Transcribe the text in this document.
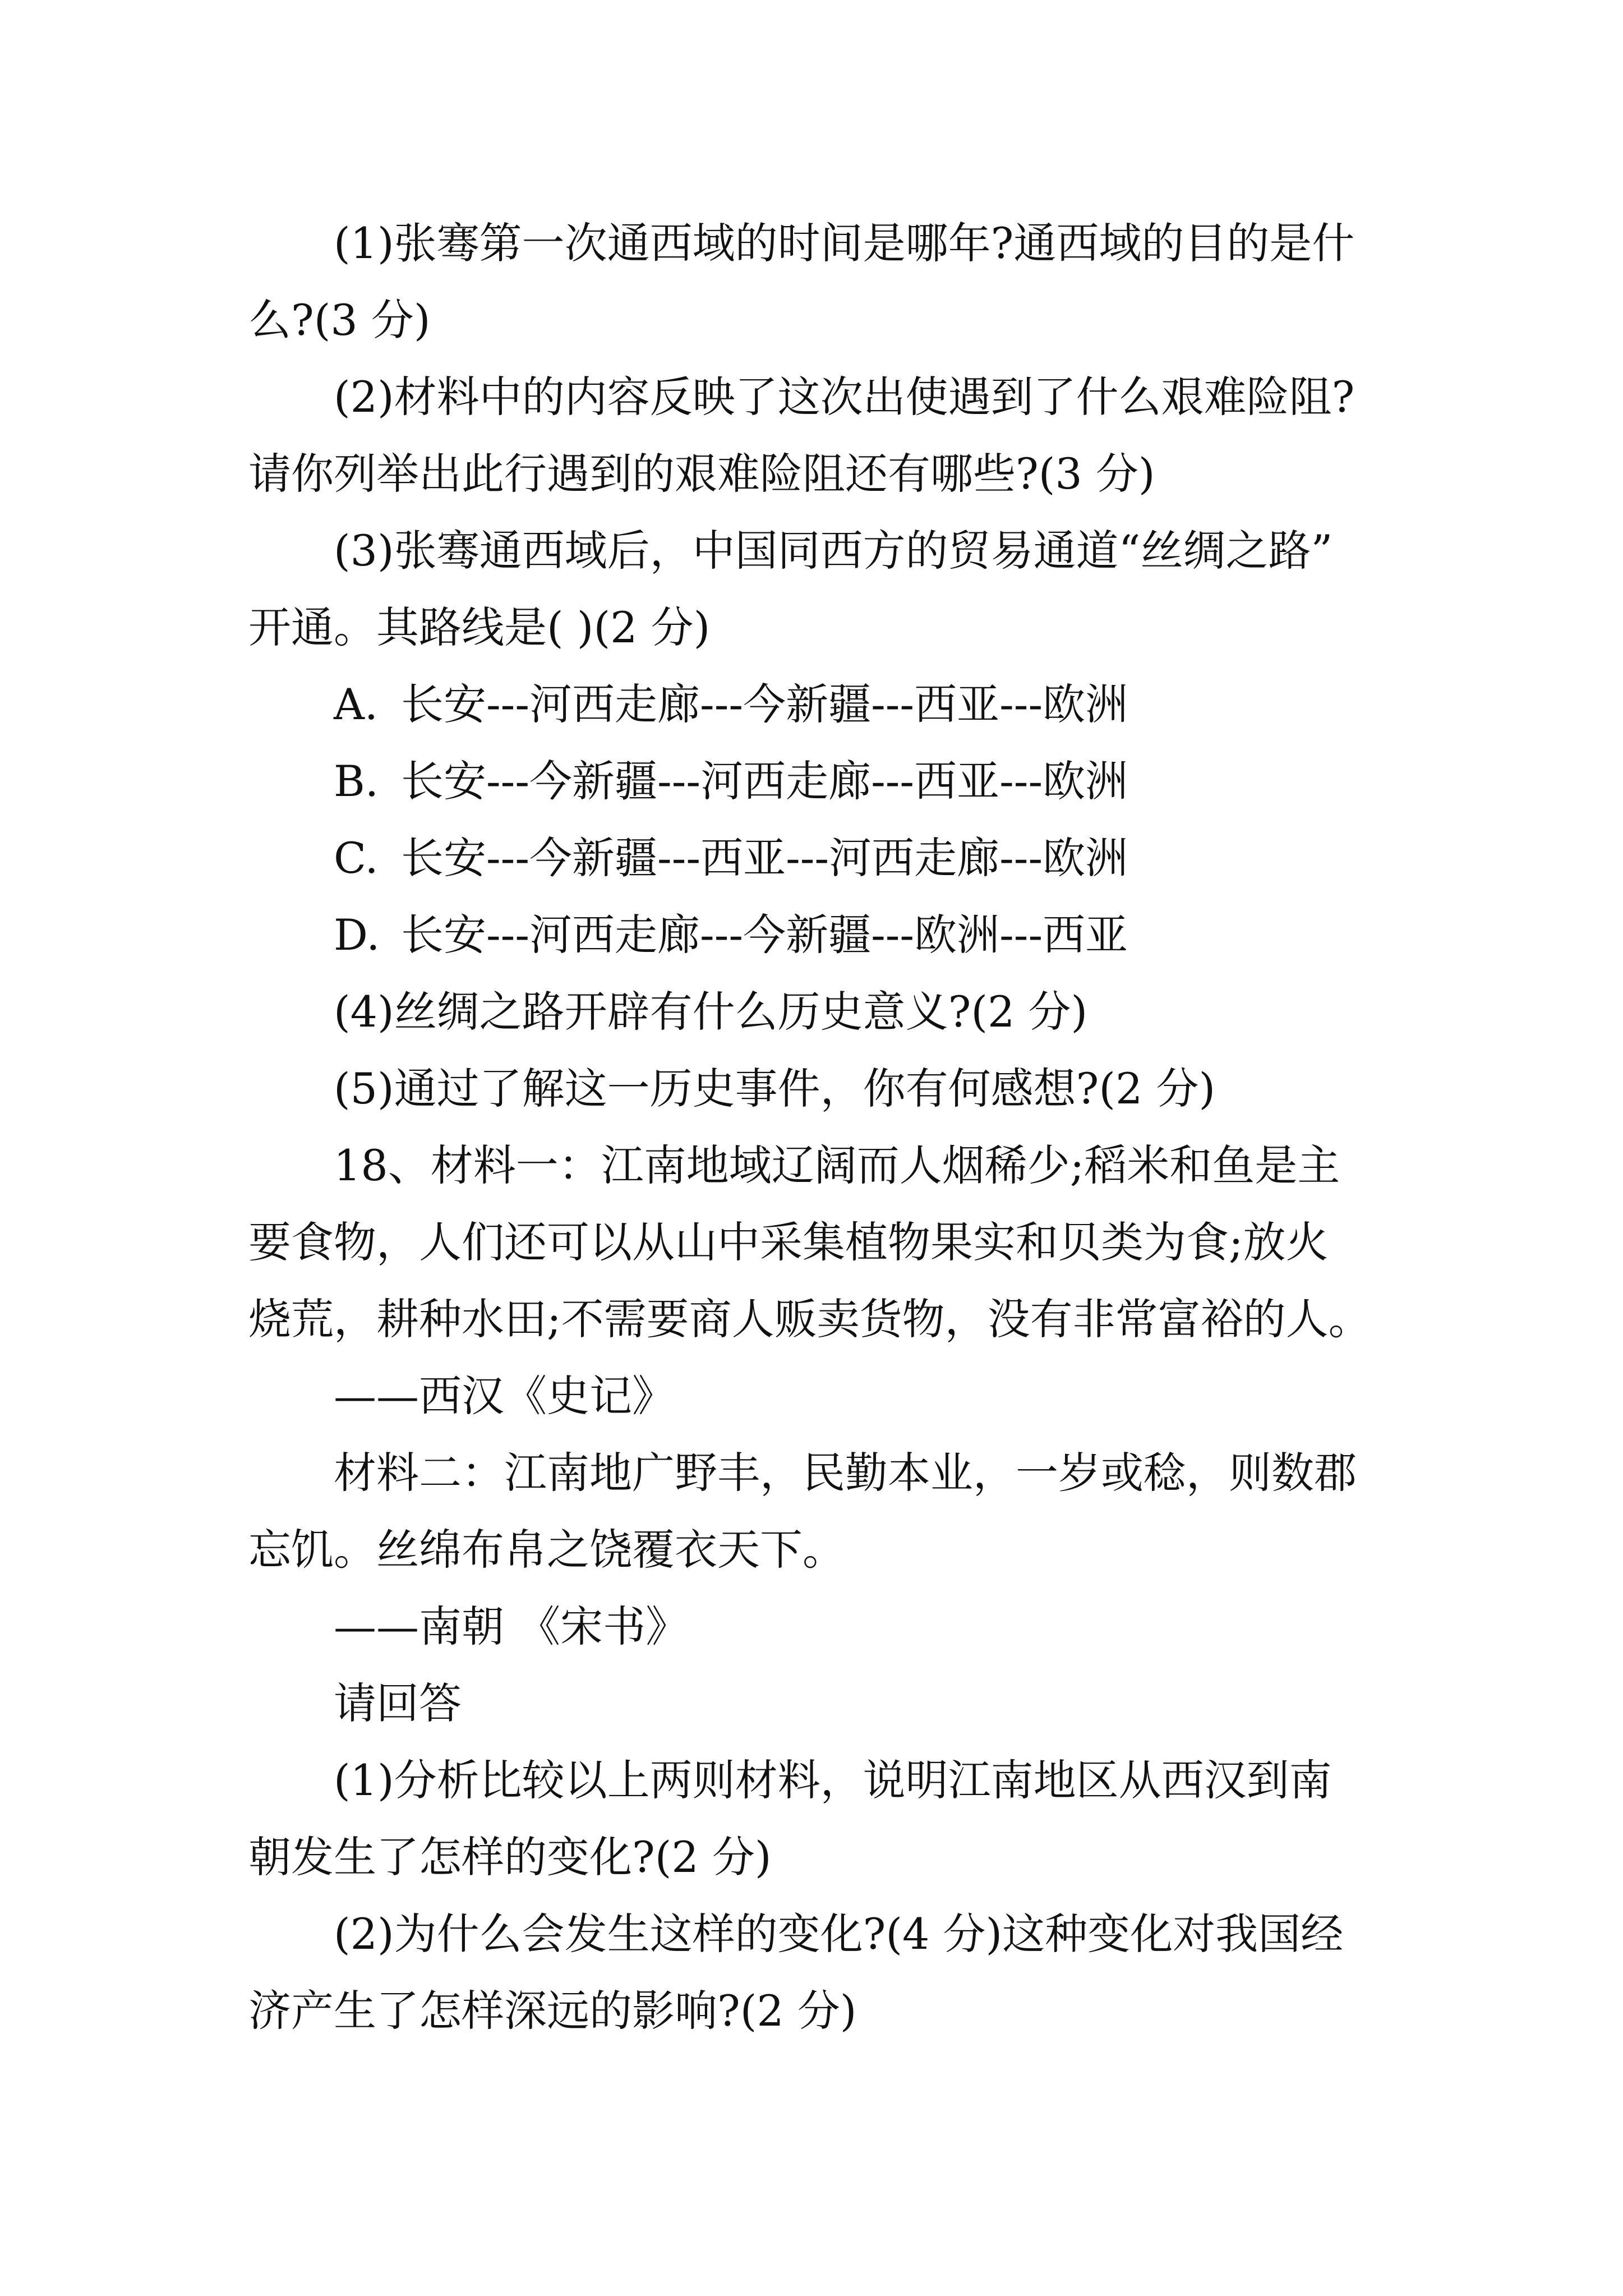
(1)张骞第一次通西域的时间是哪年?通西域的目的是什
么?(3 分)
(2)材料中的内容反映了这次出使遇到了什么艰难险阻?
请你列举出此行遇到的艰难险阻还有哪些?(3 分)
(3)张骞通西域后，中国同西方的贸易通道“丝绸之路”
开通。其路线是( )(2 分)
A. 长安---河西走廊---今新疆---西亚---欧洲
B. 长安---今新疆---河西走廊---西亚---欧洲
C. 长安---今新疆---西亚---河西走廊---欧洲
D. 长安---河西走廊---今新疆---欧洲---西亚
(4)丝绸之路开辟有什么历史意义?(2 分)
(5)通过了解这一历史事件，你有何感想?(2 分)
18、材料一：江南地域辽阔而人烟稀少;稻米和鱼是主
要食物，人们还可以从山中采集植物果实和贝类为食;放火
烧荒，耕种水田;不需要商人贩卖货物，没有非常富裕的人。
——西汉《史记》
材料二：江南地广野丰，民勤本业，一岁或稔，则数郡
忘饥。丝绵布帛之饶覆衣天下。
——南朝 《宋书》
请回答
(1)分析比较以上两则材料，说明江南地区从西汉到南
朝发生了怎样的变化?(2 分)
(2)为什么会发生这样的变化?(4 分)这种变化对我国经
济产生了怎样深远的影响?(2 分)
